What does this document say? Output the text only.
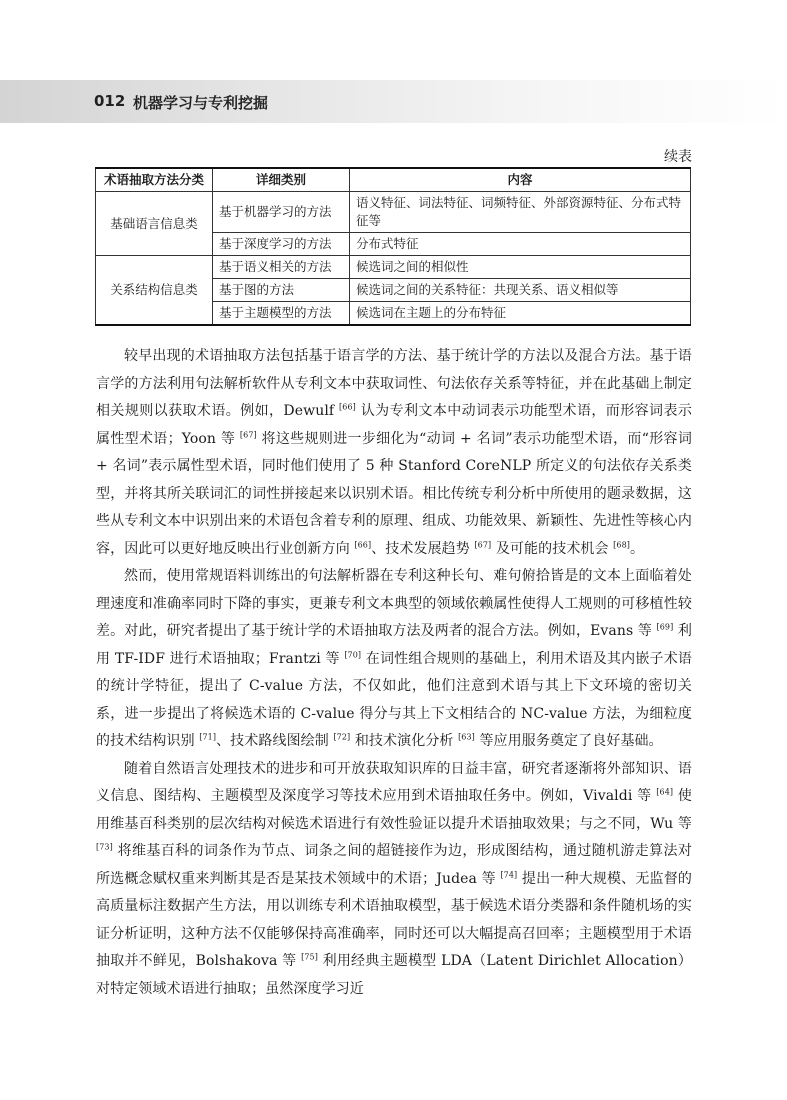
012 机器学习与专利挖掘
续表
术语抽取方法分类	详细类别	内容
基础语言信息类	基于机器学习的方法	语义特征、词法特征、词频特征、外部资源特征、分布式特征等
	基于深度学习的方法	分布式特征
关系结构信息类	基于语义相关的方法	候选词之间的相似性
	基于图的方法	候选词之间的关系特征：共现关系、语义相似等
	基于主题模型的方法	候选词在主题上的分布特征

较早出现的术语抽取方法包括基于语言学的方法、基于统计学的方法以及混合方法。基于语言学的方法利用句法解析软件从专利文本中获取词性、句法依存关系等特征，并在此基础上制定相关规则以获取术语。例如，Dewulf [66] 认为专利文本中动词表示功能型术语，而形容词表示属性型术语；Yoon 等 [67] 将这些规则进一步细化为“动词 + 名词”表示功能型术语，而“形容词 + 名词”表示属性型术语，同时他们使用了 5 种 Stanford CoreNLP 所定义的句法依存关系类型，并将其所关联词汇的词性拼接起来以识别术语。相比传统专利分析中所使用的题录数据，这些从专利文本中识别出来的术语包含着专利的原理、组成、功能效果、新颖性、先进性等核心内容，因此可以更好地反映出行业创新方向 [66]、技术发展趋势 [67] 及可能的技术机会 [68]。

然而，使用常规语料训练出的句法解析器在专利这种长句、难句俯拾皆是的文本上面临着处理速度和准确率同时下降的事实，更兼专利文本典型的领域依赖属性使得人工规则的可移植性较差。对此，研究者提出了基于统计学的术语抽取方法及两者的混合方法。例如，Evans 等 [69] 利用 TF-IDF 进行术语抽取；Frantzi 等 [70] 在词性组合规则的基础上，利用术语及其内嵌子术语的统计学特征，提出了 C-value 方法，不仅如此，他们注意到术语与其上下文环境的密切关系，进一步提出了将候选术语的 C-value 得分与其上下文相结合的 NC-value 方法，为细粒度的技术结构识别 [71]、技术路线图绘制 [72] 和技术演化分析 [63] 等应用服务奠定了良好基础。

随着自然语言处理技术的进步和可开放获取知识库的日益丰富，研究者逐渐将外部知识、语义信息、图结构、主题模型及深度学习等技术应用到术语抽取任务中。例如，Vivaldi 等 [64] 使用维基百科类别的层次结构对候选术语进行有效性验证以提升术语抽取效果；与之不同，Wu 等 [73] 将维基百科的词条作为节点、词条之间的超链接作为边，形成图结构，通过随机游走算法对所选概念赋权重来判断其是否是某技术领域中的术语；Judea 等 [74] 提出一种大规模、无监督的高质量标注数据产生方法，用以训练专利术语抽取模型，基于候选术语分类器和条件随机场的实证分析证明，这种方法不仅能够保持高准确率，同时还可以大幅提高召回率；主题模型用于术语抽取并不鲜见，Bolshakova 等 [75] 利用经典主题模型 LDA（Latent Dirichlet Allocation）对特定领域术语进行抽取；虽然深度学习近
